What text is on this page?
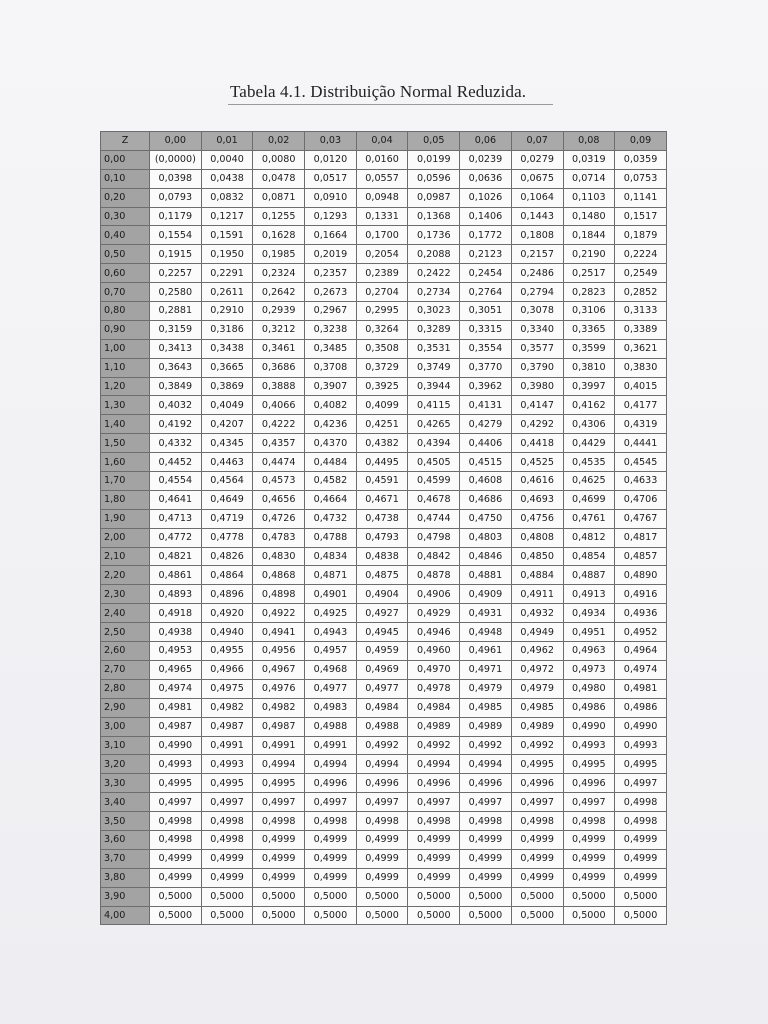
Tabela 4.1. Distribuição Normal Reduzida.
Z	0,00	0,01	0,02	0,03	0,04	0,05	0,06	0,07	0,08	0,09
0,00	(0,0000)	0,0040	0,0080	0,0120	0,0160	0,0199	0,0239	0,0279	0,0319	0,0359
0,10	0,0398	0,0438	0,0478	0,0517	0,0557	0,0596	0,0636	0,0675	0,0714	0,0753
0,20	0,0793	0,0832	0,0871	0,0910	0,0948	0,0987	0,1026	0,1064	0,1103	0,1141
0,30	0,1179	0,1217	0,1255	0,1293	0,1331	0,1368	0,1406	0,1443	0,1480	0,1517
0,40	0,1554	0,1591	0,1628	0,1664	0,1700	0,1736	0,1772	0,1808	0,1844	0,1879
0,50	0,1915	0,1950	0,1985	0,2019	0,2054	0,2088	0,2123	0,2157	0,2190	0,2224
0,60	0,2257	0,2291	0,2324	0,2357	0,2389	0,2422	0,2454	0,2486	0,2517	0,2549
0,70	0,2580	0,2611	0,2642	0,2673	0,2704	0,2734	0,2764	0,2794	0,2823	0,2852
0,80	0,2881	0,2910	0,2939	0,2967	0,2995	0,3023	0,3051	0,3078	0,3106	0,3133
0,90	0,3159	0,3186	0,3212	0,3238	0,3264	0,3289	0,3315	0,3340	0,3365	0,3389
1,00	0,3413	0,3438	0,3461	0,3485	0,3508	0,3531	0,3554	0,3577	0,3599	0,3621
1,10	0,3643	0,3665	0,3686	0,3708	0,3729	0,3749	0,3770	0,3790	0,3810	0,3830
1,20	0,3849	0,3869	0,3888	0,3907	0,3925	0,3944	0,3962	0,3980	0,3997	0,4015
1,30	0,4032	0,4049	0,4066	0,4082	0,4099	0,4115	0,4131	0,4147	0,4162	0,4177
1,40	0,4192	0,4207	0,4222	0,4236	0,4251	0,4265	0,4279	0,4292	0,4306	0,4319
1,50	0,4332	0,4345	0,4357	0,4370	0,4382	0,4394	0,4406	0,4418	0,4429	0,4441
1,60	0,4452	0,4463	0,4474	0,4484	0,4495	0,4505	0,4515	0,4525	0,4535	0,4545
1,70	0,4554	0,4564	0,4573	0,4582	0,4591	0,4599	0,4608	0,4616	0,4625	0,4633
1,80	0,4641	0,4649	0,4656	0,4664	0,4671	0,4678	0,4686	0,4693	0,4699	0,4706
1,90	0,4713	0,4719	0,4726	0,4732	0,4738	0,4744	0,4750	0,4756	0,4761	0,4767
2,00	0,4772	0,4778	0,4783	0,4788	0,4793	0,4798	0,4803	0,4808	0,4812	0,4817
2,10	0,4821	0,4826	0,4830	0,4834	0,4838	0,4842	0,4846	0,4850	0,4854	0,4857
2,20	0,4861	0,4864	0,4868	0,4871	0,4875	0,4878	0,4881	0,4884	0,4887	0,4890
2,30	0,4893	0,4896	0,4898	0,4901	0,4904	0,4906	0,4909	0,4911	0,4913	0,4916
2,40	0,4918	0,4920	0,4922	0,4925	0,4927	0,4929	0,4931	0,4932	0,4934	0,4936
2,50	0,4938	0,4940	0,4941	0,4943	0,4945	0,4946	0,4948	0,4949	0,4951	0,4952
2,60	0,4953	0,4955	0,4956	0,4957	0,4959	0,4960	0,4961	0,4962	0,4963	0,4964
2,70	0,4965	0,4966	0,4967	0,4968	0,4969	0,4970	0,4971	0,4972	0,4973	0,4974
2,80	0,4974	0,4975	0,4976	0,4977	0,4977	0,4978	0,4979	0,4979	0,4980	0,4981
2,90	0,4981	0,4982	0,4982	0,4983	0,4984	0,4984	0,4985	0,4985	0,4986	0,4986
3,00	0,4987	0,4987	0,4987	0,4988	0,4988	0,4989	0,4989	0,4989	0,4990	0,4990
3,10	0,4990	0,4991	0,4991	0,4991	0,4992	0,4992	0,4992	0,4992	0,4993	0,4993
3,20	0,4993	0,4993	0,4994	0,4994	0,4994	0,4994	0,4994	0,4995	0,4995	0,4995
3,30	0,4995	0,4995	0,4995	0,4996	0,4996	0,4996	0,4996	0,4996	0,4996	0,4997
3,40	0,4997	0,4997	0,4997	0,4997	0,4997	0,4997	0,4997	0,4997	0,4997	0,4998
3,50	0,4998	0,4998	0,4998	0,4998	0,4998	0,4998	0,4998	0,4998	0,4998	0,4998
3,60	0,4998	0,4998	0,4999	0,4999	0,4999	0,4999	0,4999	0,4999	0,4999	0,4999
3,70	0,4999	0,4999	0,4999	0,4999	0,4999	0,4999	0,4999	0,4999	0,4999	0,4999
3,80	0,4999	0,4999	0,4999	0,4999	0,4999	0,4999	0,4999	0,4999	0,4999	0,4999
3,90	0,5000	0,5000	0,5000	0,5000	0,5000	0,5000	0,5000	0,5000	0,5000	0,5000
4,00	0,5000	0,5000	0,5000	0,5000	0,5000	0,5000	0,5000	0,5000	0,5000	0,5000
